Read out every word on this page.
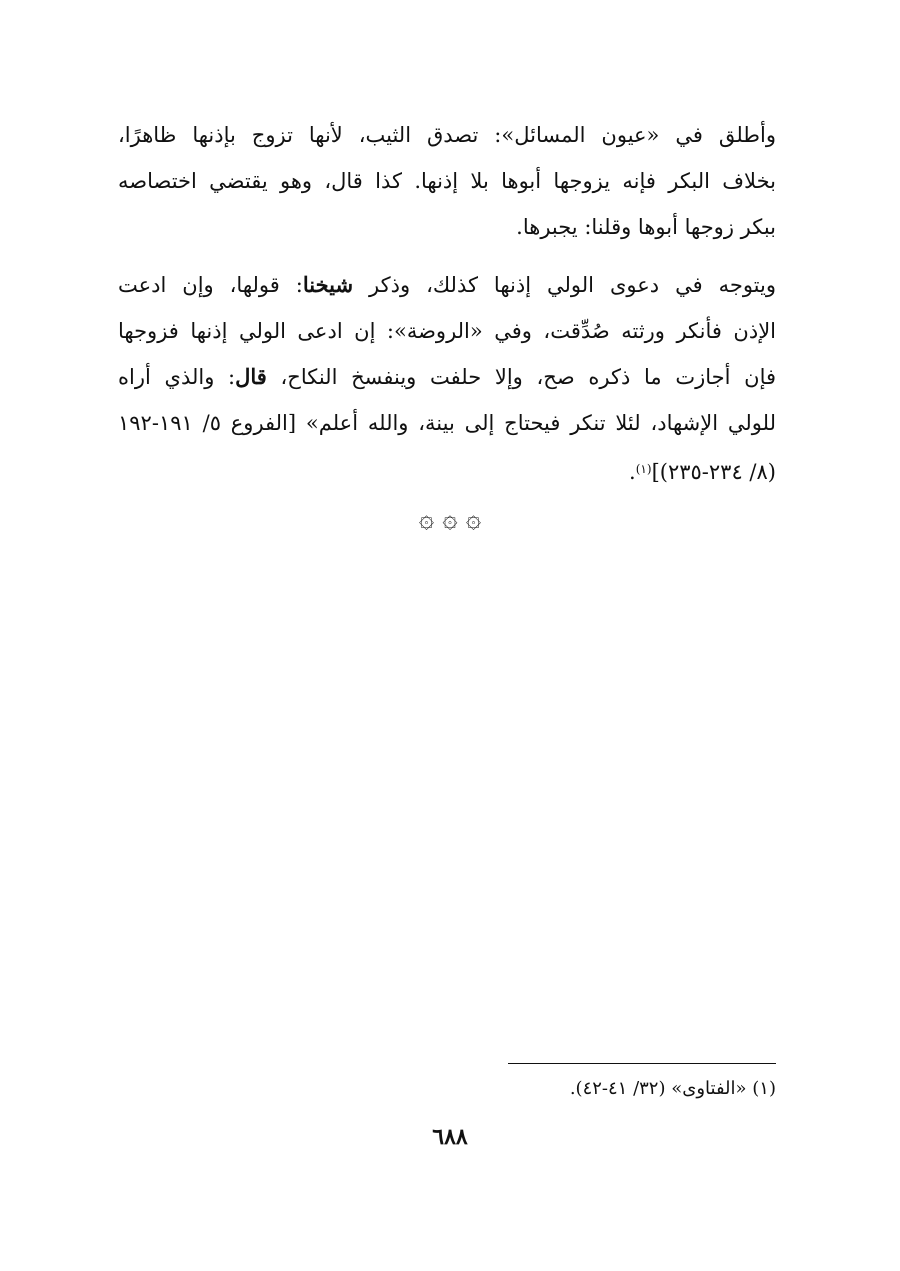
وأطلق في «عيون المسائل»: تصدق الثيب، لأنها تزوج بإذنها ظاهرًا،
بخلاف البكر فإنه يزوجها أبوها بلا إذنها. كذا قال، وهو يقتضي اختصاصه
ببكر زوجها أبوها وقلنا: يجبرها.

ويتوجه في دعوى الولي إذنها كذلك، وذكر شيخنا: قولها، وإن ادعت
الإذن فأنكر ورثته صُدِّقت، وفي «الروضة»: إن ادعى الولي إذنها فزوجها
فإن أجازت ما ذكره صح، وإلا حلفت وينفسخ النكاح، قال: والذي أراه
للولي الإشهاد، لئلا تنكر فيحتاج إلى بينة، والله أعلم» [الفروع ٥/ ١٩١-١٩٢
(٨/ ٢٣٤-٢٣٥)]$^{(١)}$.

۞ ۞ ۞
(١) «الفتاوى» (٣٢/ ٤١-٤٢).
٦٨٨
